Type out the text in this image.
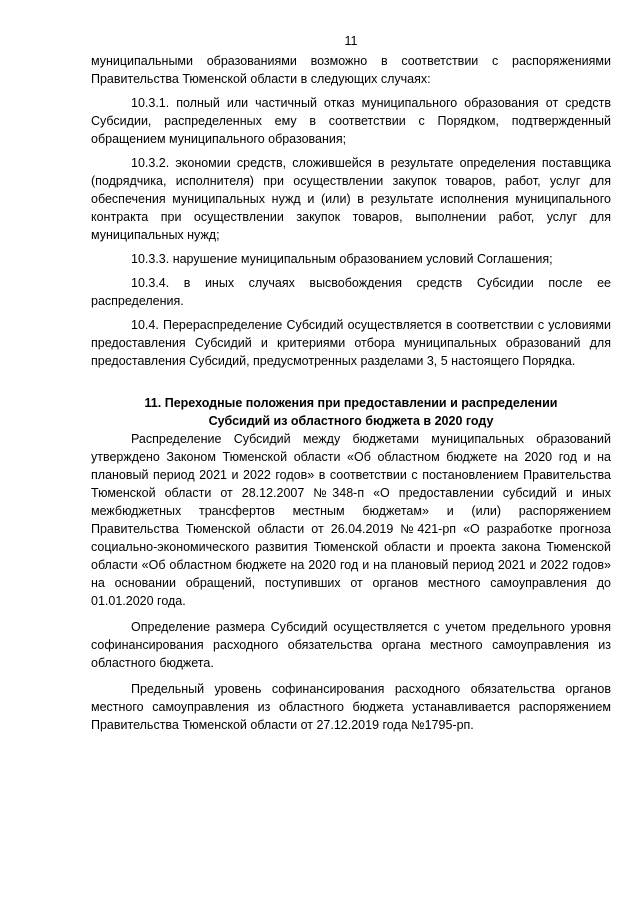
11

муниципальными образованиями возможно в соответствии с распоряжениями Правительства Тюменской области в следующих случаях:

10.3.1. полный или частичный отказ муниципального образования от средств Субсидии, распределенных ему в соответствии с Порядком, подтвержденный обращением муниципального образования;

10.3.2. экономии средств, сложившейся в результате определения поставщика (подрядчика, исполнителя) при осуществлении закупок товаров, работ, услуг для обеспечения муниципальных нужд и (или) в результате исполнения муниципального контракта при осуществлении закупок товаров, выполнении работ, услуг для муниципальных нужд;

10.3.3. нарушение муниципальным образованием условий Соглашения;

10.3.4. в иных случаях высвобождения средств Субсидии после ее распределения.

10.4. Перераспределение Субсидий осуществляется в соответствии с условиями предоставления Субсидий и критериями отбора муниципальных образований для предоставления Субсидий, предусмотренных разделами 3, 5 настоящего Порядка.

11. Переходные положения при предоставлении и распределении
Субсидий из областного бюджета в 2020 году

Распределение Субсидий между бюджетами муниципальных образований утверждено Законом Тюменской области «Об областном бюджете на 2020 год и на плановый период 2021 и 2022 годов» в соответствии с постановлением Правительства Тюменской области от 28.12.2007 №348-п «О предоставлении субсидий и иных межбюджетных трансфертов местным бюджетам» и (или) распоряжением Правительства Тюменской области от 26.04.2019 №421-рп «О разработке прогноза социально-экономического развития Тюменской области и проекта закона Тюменской области «Об областном бюджете на 2020 год и на плановый период 2021 и 2022 годов» на основании обращений, поступивших от органов местного самоуправления до 01.01.2020 года.

Определение размера Субсидий осуществляется с учетом предельного уровня софинансирования расходного обязательства органа местного самоуправления из областного бюджета.

Предельный уровень софинансирования расходного обязательства органов местного самоуправления из областного бюджета устанавливается распоряжением Правительства Тюменской области от 27.12.2019 года №1795-рп.
